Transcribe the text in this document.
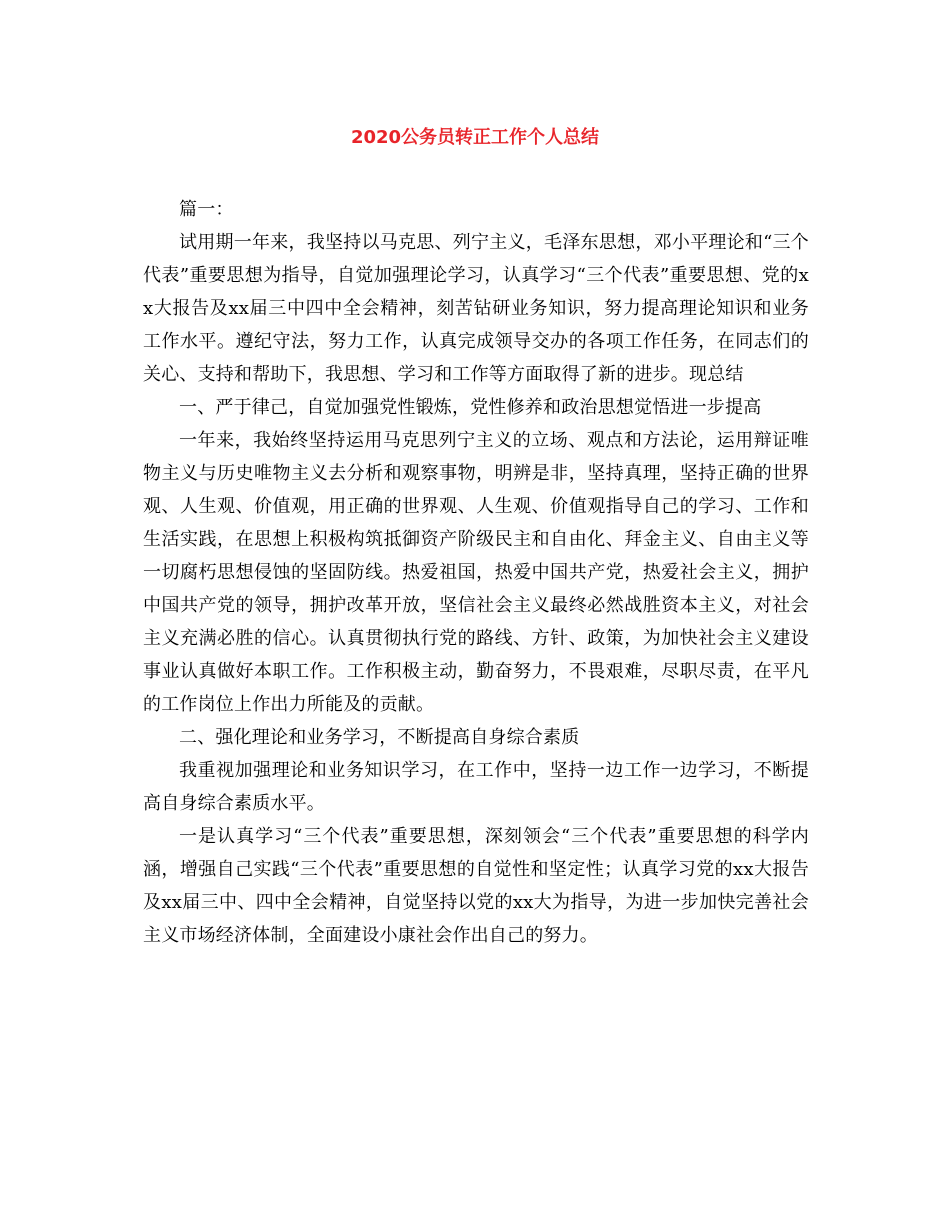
2020公务员转正工作个人总结

篇一：

试用期一年来，我坚持以马克思、列宁主义，毛泽东思想，邓小平理论和“三个代表”重要思想为指导，自觉加强理论学习，认真学习“三个代表”重要思想、党的xx大报告及xx届三中四中全会精神，刻苦钻研业务知识，努力提高理论知识和业务工作水平。遵纪守法，努力工作，认真完成领导交办的各项工作任务，在同志们的关心、支持和帮助下，我思想、学习和工作等方面取得了新的进步。现总结

一、严于律己，自觉加强党性锻炼，党性修养和政治思想觉悟进一步提高

一年来，我始终坚持运用马克思列宁主义的立场、观点和方法论，运用辩证唯物主义与历史唯物主义去分析和观察事物，明辨是非，坚持真理，坚持正确的世界观、人生观、价值观，用正确的世界观、人生观、价值观指导自己的学习、工作和生活实践，在思想上积极构筑抵御资产阶级民主和自由化、拜金主义、自由主义等一切腐朽思想侵蚀的坚固防线。热爱祖国，热爱中国共产党，热爱社会主义，拥护中国共产党的领导，拥护改革开放，坚信社会主义最终必然战胜资本主义，对社会主义充满必胜的信心。认真贯彻执行党的路线、方针、政策，为加快社会主义建设事业认真做好本职工作。工作积极主动，勤奋努力，不畏艰难，尽职尽责，在平凡的工作岗位上作出力所能及的贡献。

二、强化理论和业务学习，不断提高自身综合素质

我重视加强理论和业务知识学习，在工作中，坚持一边工作一边学习，不断提高自身综合素质水平。

一是认真学习“三个代表”重要思想，深刻领会“三个代表”重要思想的科学内涵，增强自己实践“三个代表”重要思想的自觉性和坚定性；认真学习党的xx大报告及xx届三中、四中全会精神，自觉坚持以党的xx大为指导，为进一步加快完善社会主义市场经济体制，全面建设小康社会作出自己的努力。
